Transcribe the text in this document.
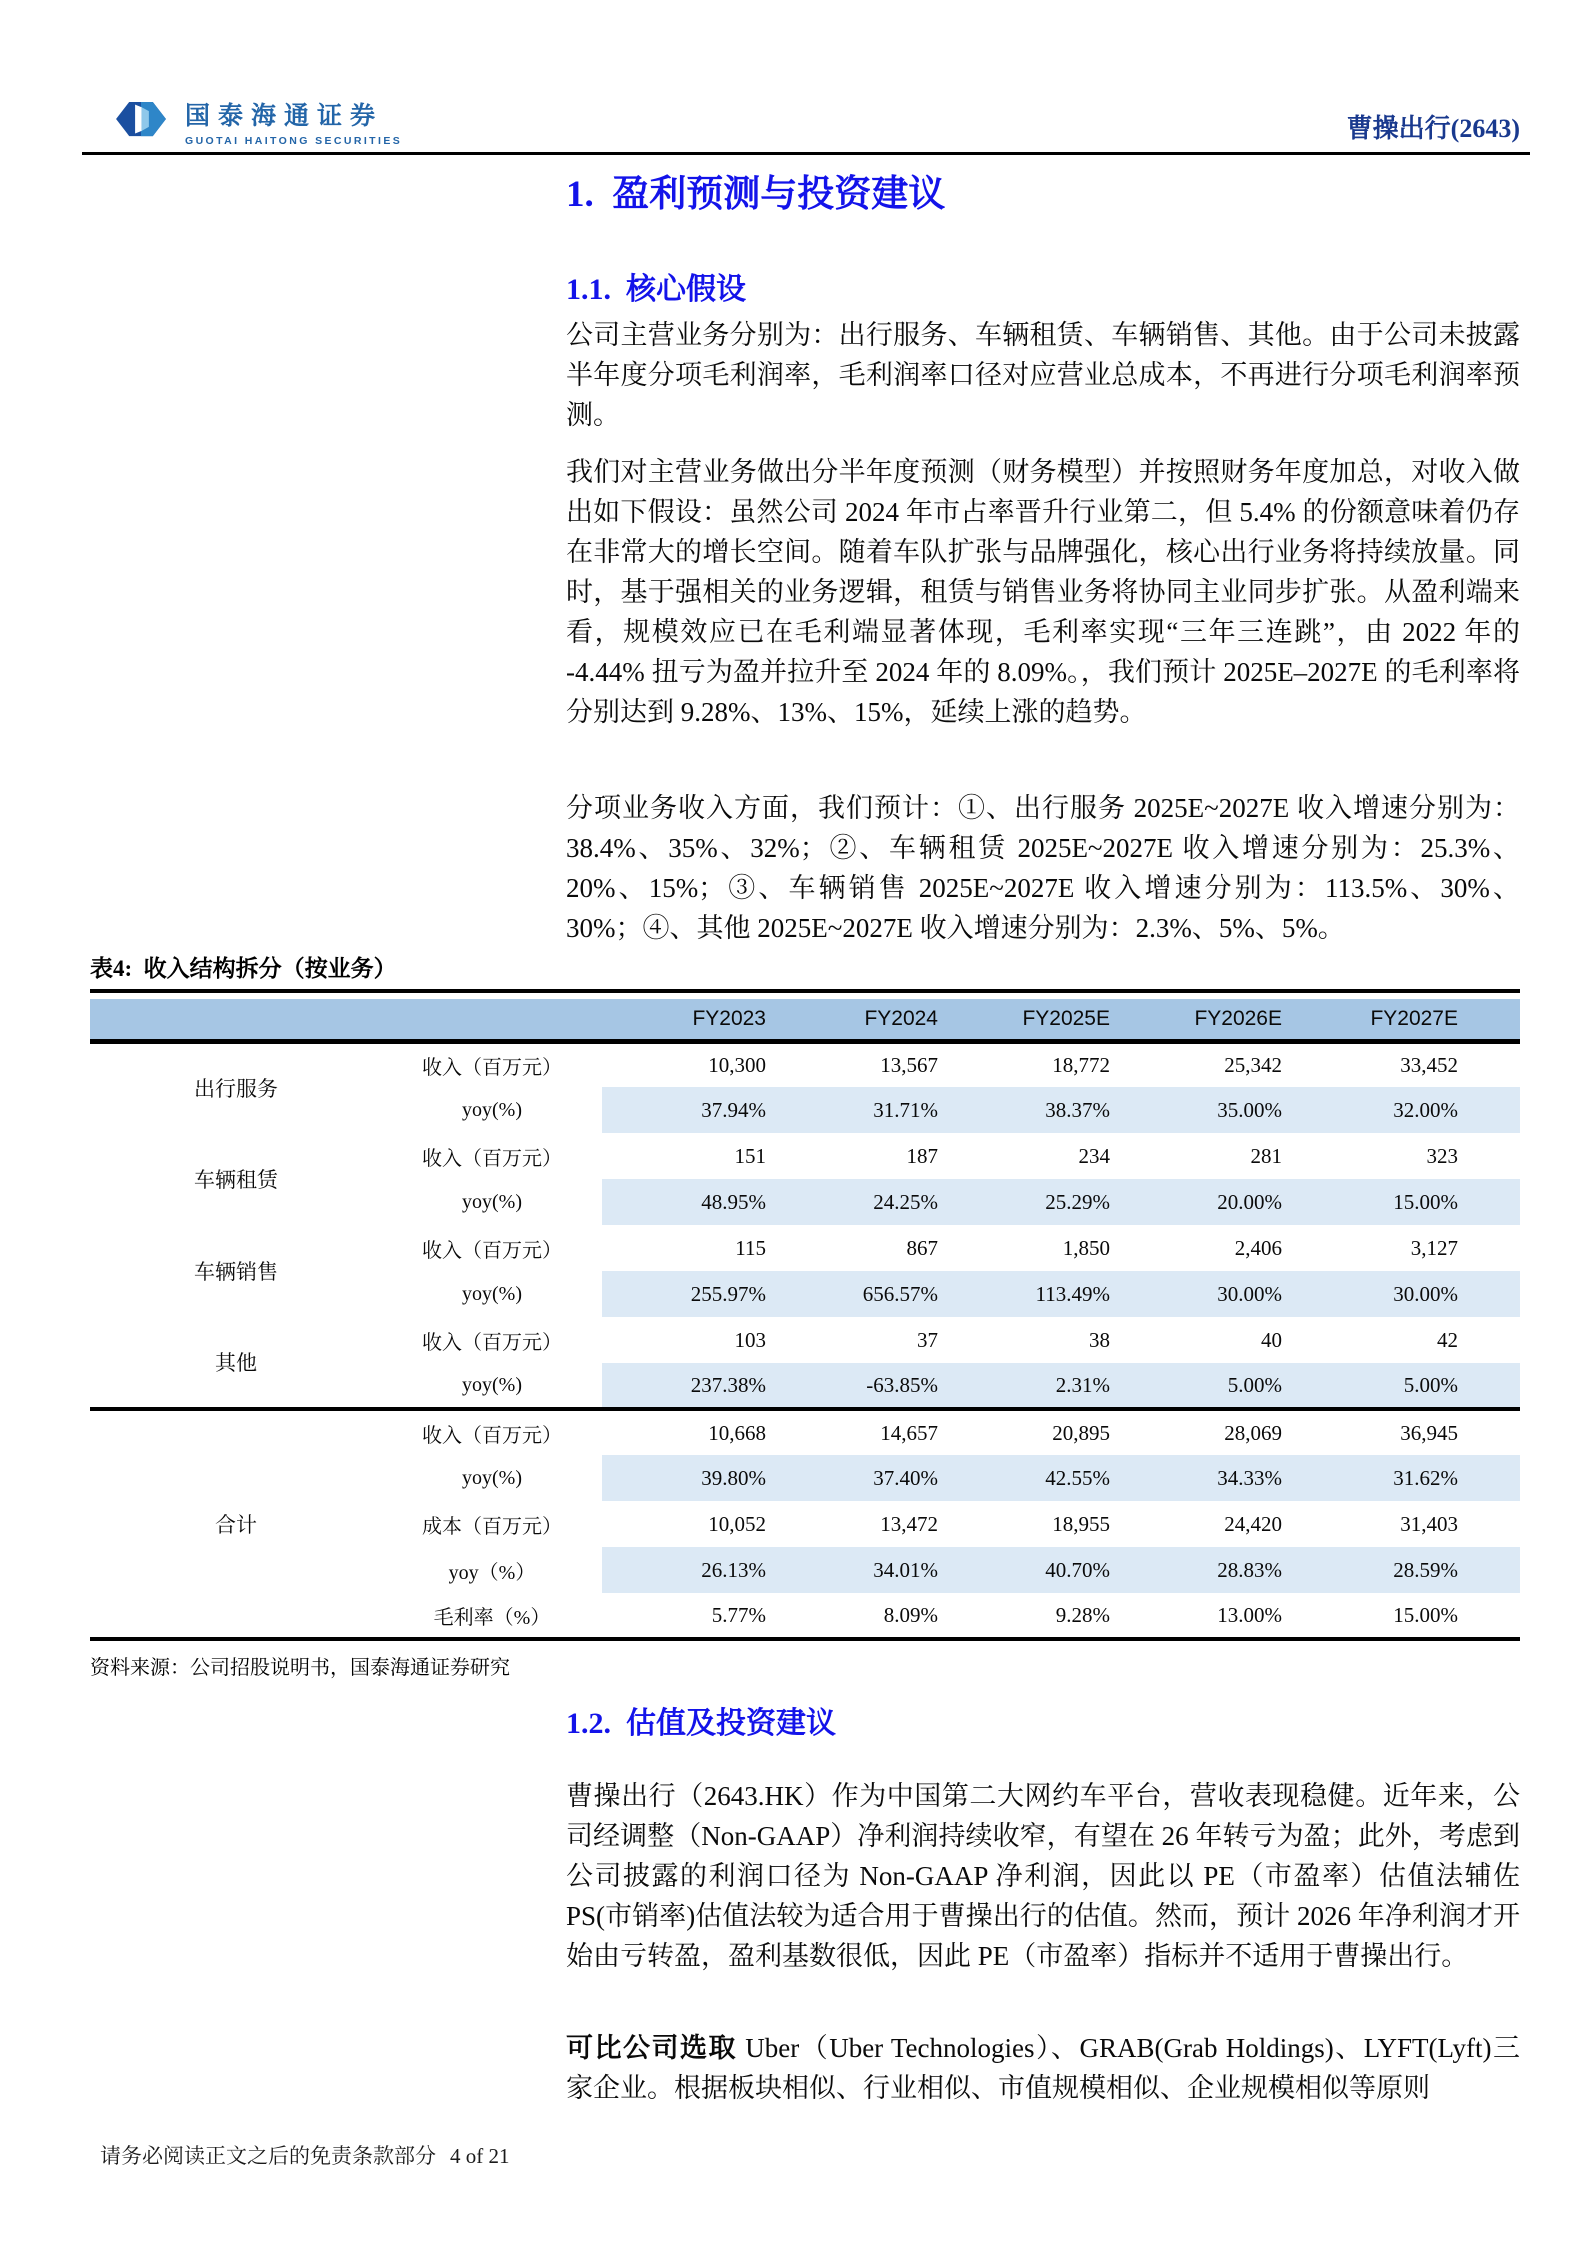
国泰海通证券
GUOTAI HAITONG SECURITIES	曹操出行(2643)
1.  盈利预测与投资建议
1.1.  核心假设

公司主营业务分别为：出行服务、车辆租赁、车辆销售、其他。由于公司未披露半年度分项毛利润率，毛利润率口径对应营业总成本，不再进行分项毛利润率预测。

我们对主营业务做出分半年度预测（财务模型）并按照财务年度加总，对收入做出如下假设：虽然公司 2024 年市占率晋升行业第二，但 5.4% 的份额意味着仍存在非常大的增长空间。随着车队扩张与品牌强化，核心出行业务将持续放量。同时，基于强相关的业务逻辑，租赁与销售业务将协同主业同步扩张。从盈利端来看，规模效应已在毛利端显著体现，毛利率实现“三年三连跳”，由 2022 年的 -4.44% 扭亏为盈并拉升至 2024 年的 8.09%。，我们预计 2025E–2027E 的毛利率将分别达到 9.28%、13%、15%，延续上涨的趋势。

分项业务收入方面，我们预计：①、出行服务 2025E~2027E 收入增速分别为：38.4%、35%、32%；②、车辆租赁 2025E~2027E 收入增速分别为：25.3%、20%、15%；③、车辆销售 2025E~2027E 收入增速分别为：113.5%、30%、30%；④、其他 2025E~2027E 收入增速分别为：2.3%、5%、5%。

表4:  收入结构拆分（按业务）
		FY2023	FY2024	FY2025E	FY2026E	FY2027E
出行服务	收入（百万元）	10,300	13,567	18,772	25,342	33,452
	yoy(%)	37.94%	31.71%	38.37%	35.00%	32.00%
车辆租赁	收入（百万元）	151	187	234	281	323
	yoy(%)	48.95%	24.25%	25.29%	20.00%	15.00%
车辆销售	收入（百万元）	115	867	1,850	2,406	3,127
	yoy(%)	255.97%	656.57%	113.49%	30.00%	30.00%
其他	收入（百万元）	103	37	38	40	42
	yoy(%)	237.38%	-63.85%	2.31%	5.00%	5.00%
合计	收入（百万元）	10,668	14,657	20,895	28,069	36,945
	yoy(%)	39.80%	37.40%	42.55%	34.33%	31.62%
	成本（百万元）	10,052	13,472	18,955	24,420	31,403
	yoy（%）	26.13%	34.01%	40.70%	28.83%	28.59%
	毛利率（%）	5.77%	8.09%	9.28%	13.00%	15.00%
资料来源：公司招股说明书，国泰海通证券研究
1.2.  估值及投资建议

曹操出行（2643.HK）作为中国第二大网约车平台，营收表现稳健。近年来，公司经调整（Non-GAAP）净利润持续收窄，有望在 26 年转亏为盈；此外，考虑到公司披露的利润口径为 Non-GAAP 净利润，因此以 PE（市盈率）估值法辅佐 PS(市销率)估值法较为适合用于曹操出行的估值。然而，预计 2026 年净利润才开始由亏转盈，盈利基数很低，因此 PE（市盈率）指标并不适用于曹操出行。

可比公司选取 Uber（Uber Technologies）、GRAB(Grab Holdings)、LYFT(Lyft)三家企业。根据板块相似、行业相似、市值规模相似、企业规模相似等原则

请务必阅读正文之后的免责条款部分 4 of 21
